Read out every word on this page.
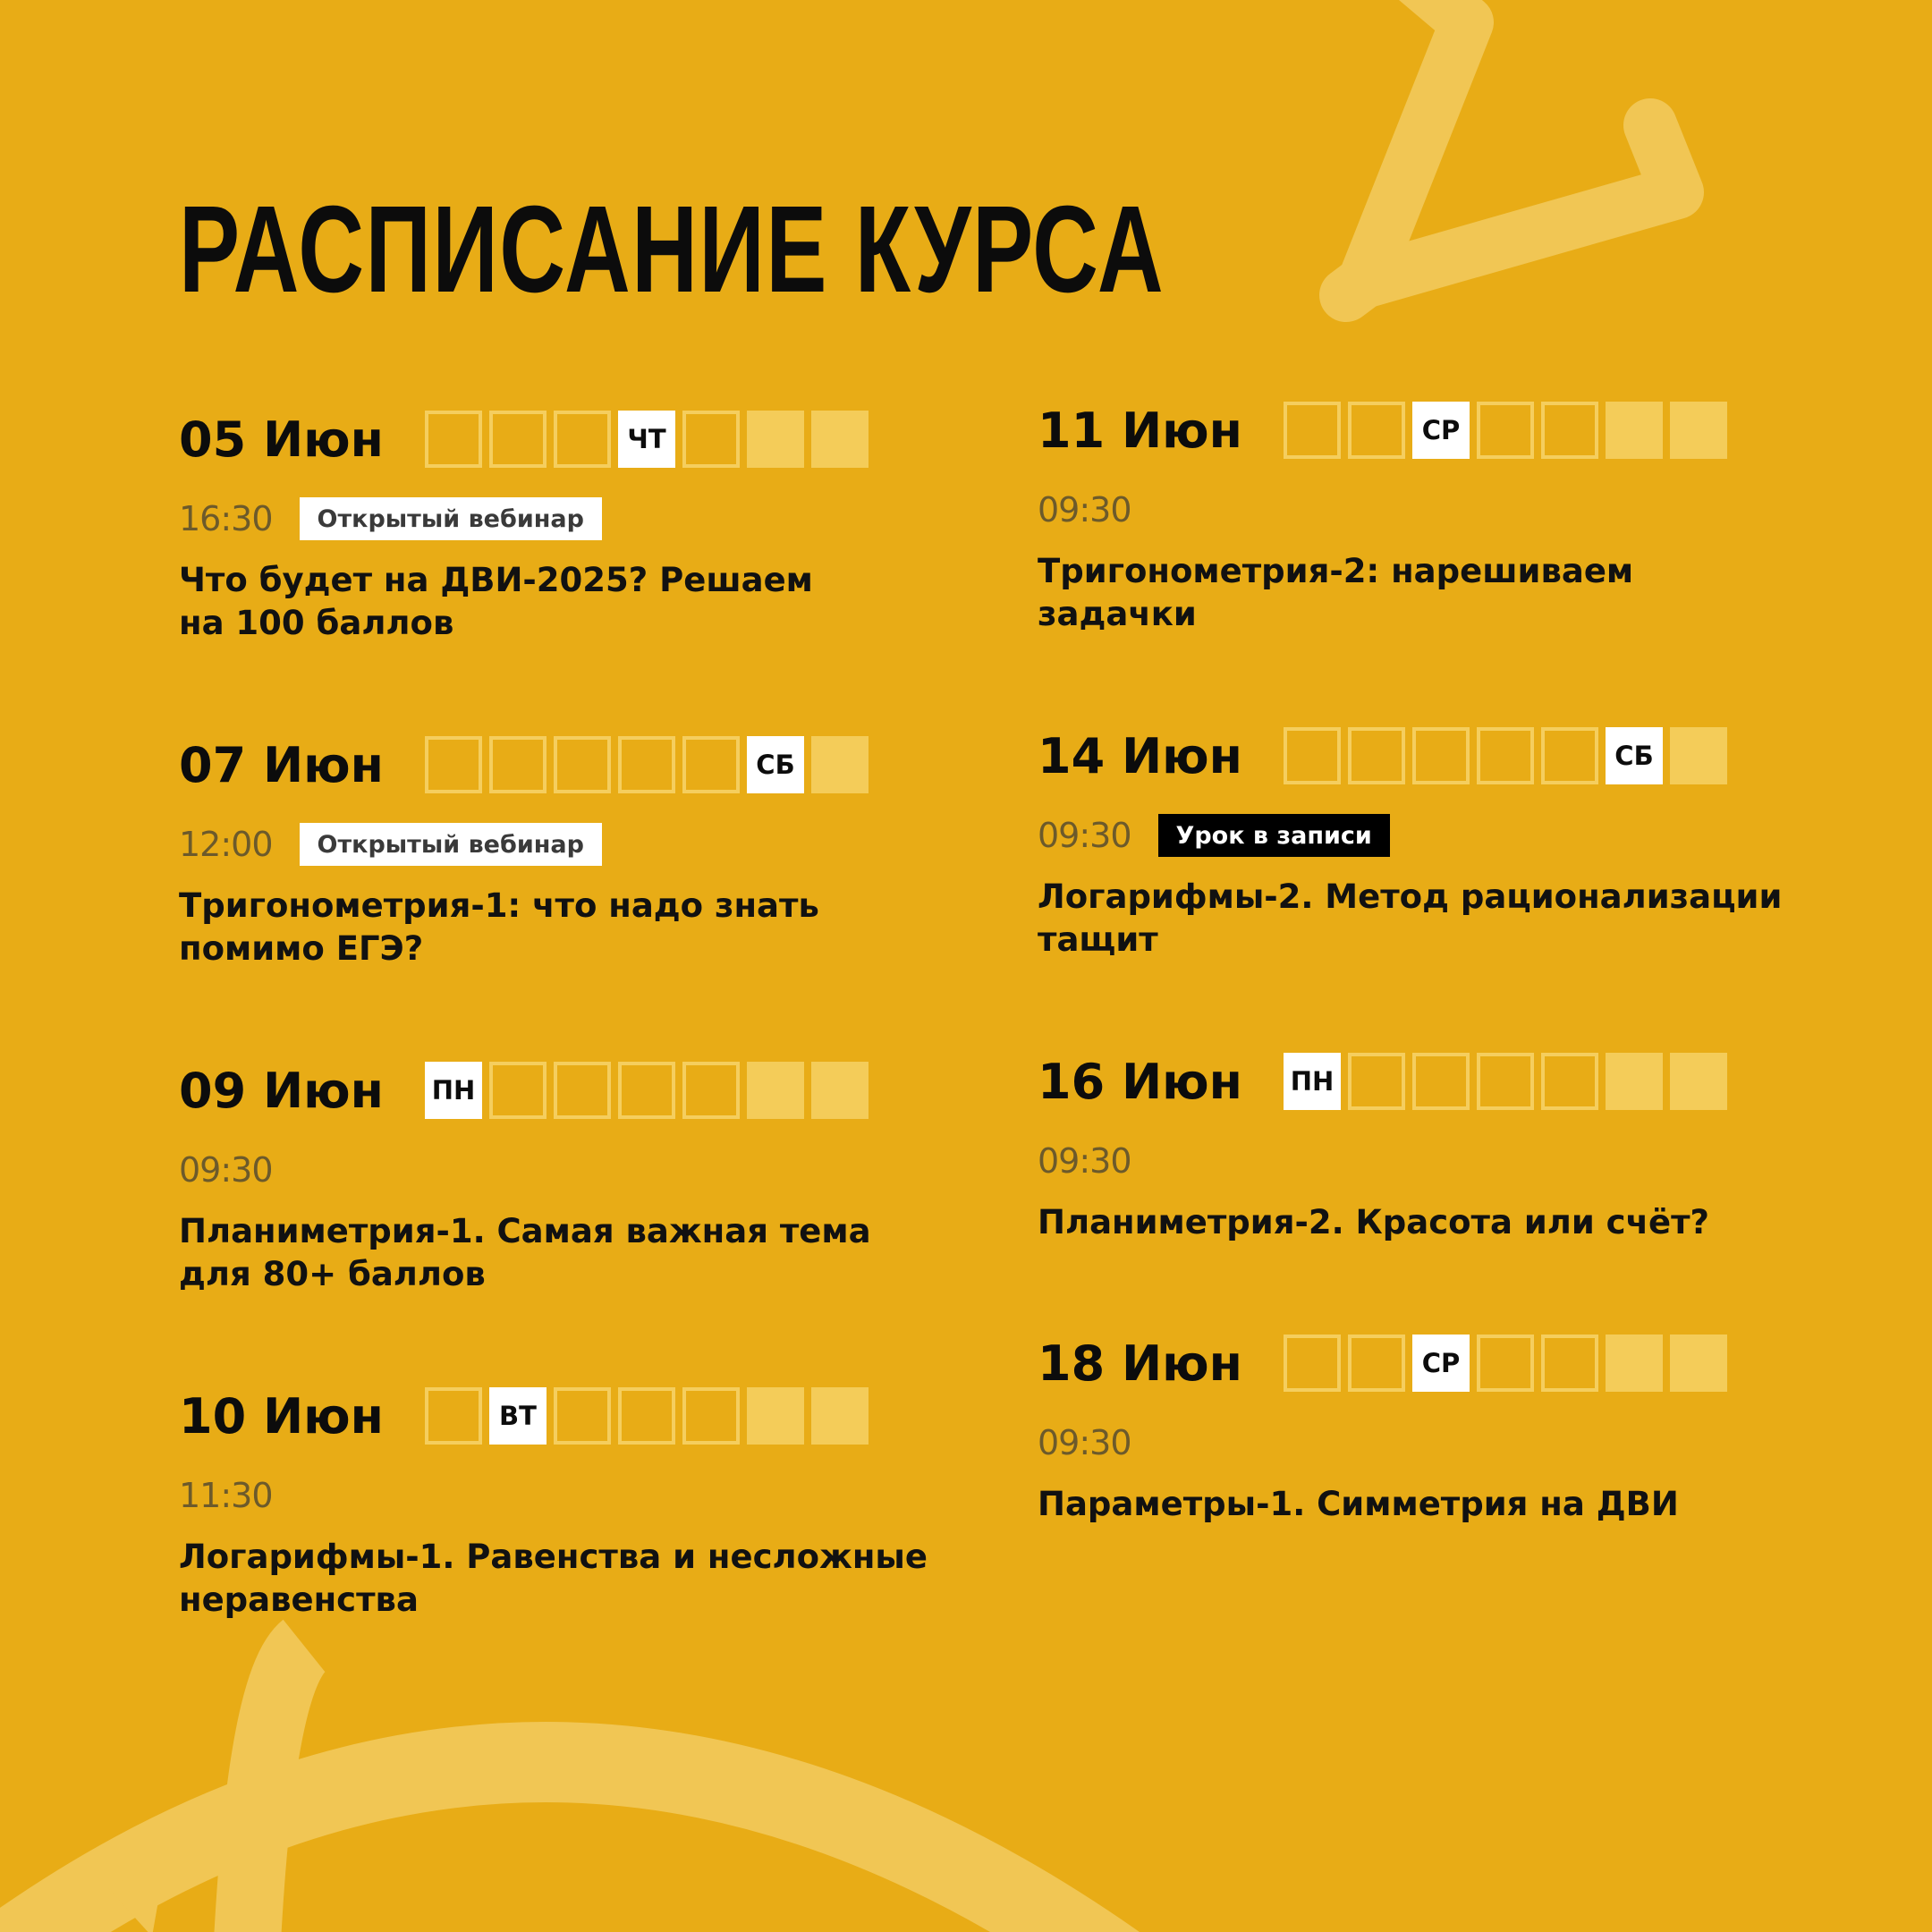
РАСПИСАНИЕ КУРСА
05 Июн	ЧТ
16:30	Открытый вебинар
Что будет на ДВИ-2025? Решаем
на 100 баллов
07 Июн	СБ
12:00	Открытый вебинар
Тригонометрия-1: что надо знать
помимо ЕГЭ?
09 Июн ПН
09:30
Планиметрия-1. Самая важная тема
для 80+ баллов
10 Июн	ВТ
11:30
Логарифмы-1. Равенства и несложные
неравенства
11 Июн	СР
09:30
Тригонометрия-2: нарешиваем
задачки
14 Июн	СБ
09:30	Урок в записи
Логарифмы-2. Метод рационализации
тащит
16 Июн ПН
09:30
Планиметрия-2. Красота или счёт?
18 Июн	СР
09:30
Параметры-1. Симметрия на ДВИ
